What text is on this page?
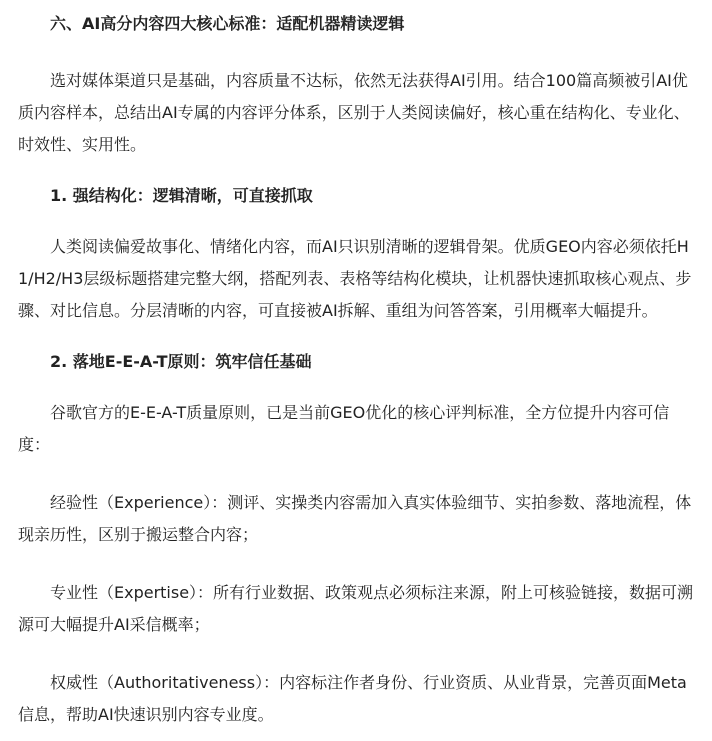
六、AI高分内容四大核心标准：适配机器精读逻辑

选对媒体渠道只是基础，内容质量不达标，依然无法获得AI引用。结合100篇高频被引AI优质内容样本，总结出AI专属的内容评分体系，区别于人类阅读偏好，核心重在结构化、专业化、时效性、实用性。

1. 强结构化：逻辑清晰，可直接抓取

人类阅读偏爱故事化、情绪化内容，而AI只识别清晰的逻辑骨架。优质GEO内容必须依托H1/H2/H3层级标题搭建完整大纲，搭配列表、表格等结构化模块，让机器快速抓取核心观点、步骤、对比信息。分层清晰的内容，可直接被AI拆解、重组为问答答案，引用概率大幅提升。

2. 落地E-E-A-T原则：筑牢信任基础

谷歌官方的E-E-A-T质量原则，已是当前GEO优化的核心评判标准，全方位提升内容可信度：

经验性（Experience）：测评、实操类内容需加入真实体验细节、实拍参数、落地流程，体现亲历性，区别于搬运整合内容；

专业性（Expertise）：所有行业数据、政策观点必须标注来源，附上可核验链接，数据可溯源可大幅提升AI采信概率；

权威性（Authoritativeness）：内容标注作者身份、行业资质、从业背景，完善页面Meta信息，帮助AI快速识别内容专业度。
